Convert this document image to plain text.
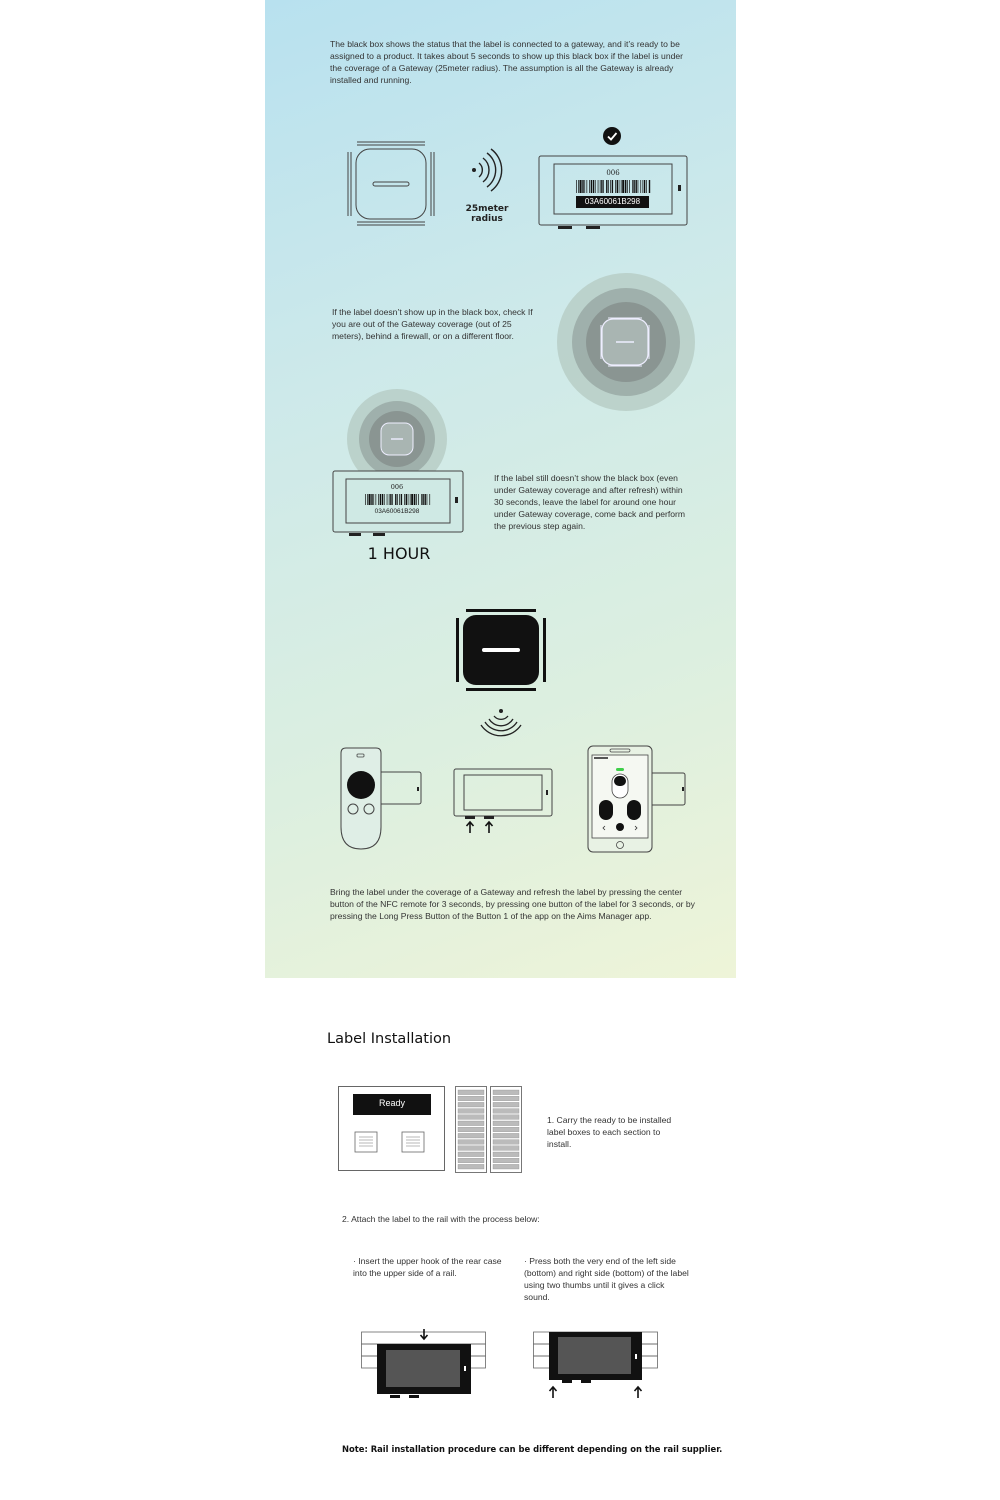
The black box shows the status that the label is connected to a gateway, and it’s ready to be assigned to a product. It takes about 5 seconds to show up this black box if the label is under the coverage of a Gateway (25meter radius). The assumption is all the Gateway is already installed and running.
25meter radius
006
03A60061B298
If the label doesn’t show up in the black box, check If you are out of the Gateway coverage (out of 25 meters), behind a firewall, or on a different floor.
006
03A60061B298
1 HOUR
If the label still doesn’t show the black box (even under Gateway coverage and after refresh) within 30 seconds, leave the label for around one hour under Gateway coverage, come back and perform the previous step again.
Bring the label under the coverage of a Gateway and refresh the label by pressing the center button of the NFC remote for 3 seconds, by pressing one button of the label for 3 seconds, or by pressing the Long Press Button of the Button 1 of the app on the Aims Manager app.
Label Installation
Ready
1. Carry the ready to be installed label boxes to each section to install.
2. Attach the label to the rail with the process below:
· Insert the upper hook of the rear case into the upper side of a rail.
· Press both the very end of the left side (bottom) and right side (bottom) of the label using two thumbs until it gives a click sound.
Note: Rail installation procedure can be different depending on the rail supplier.
